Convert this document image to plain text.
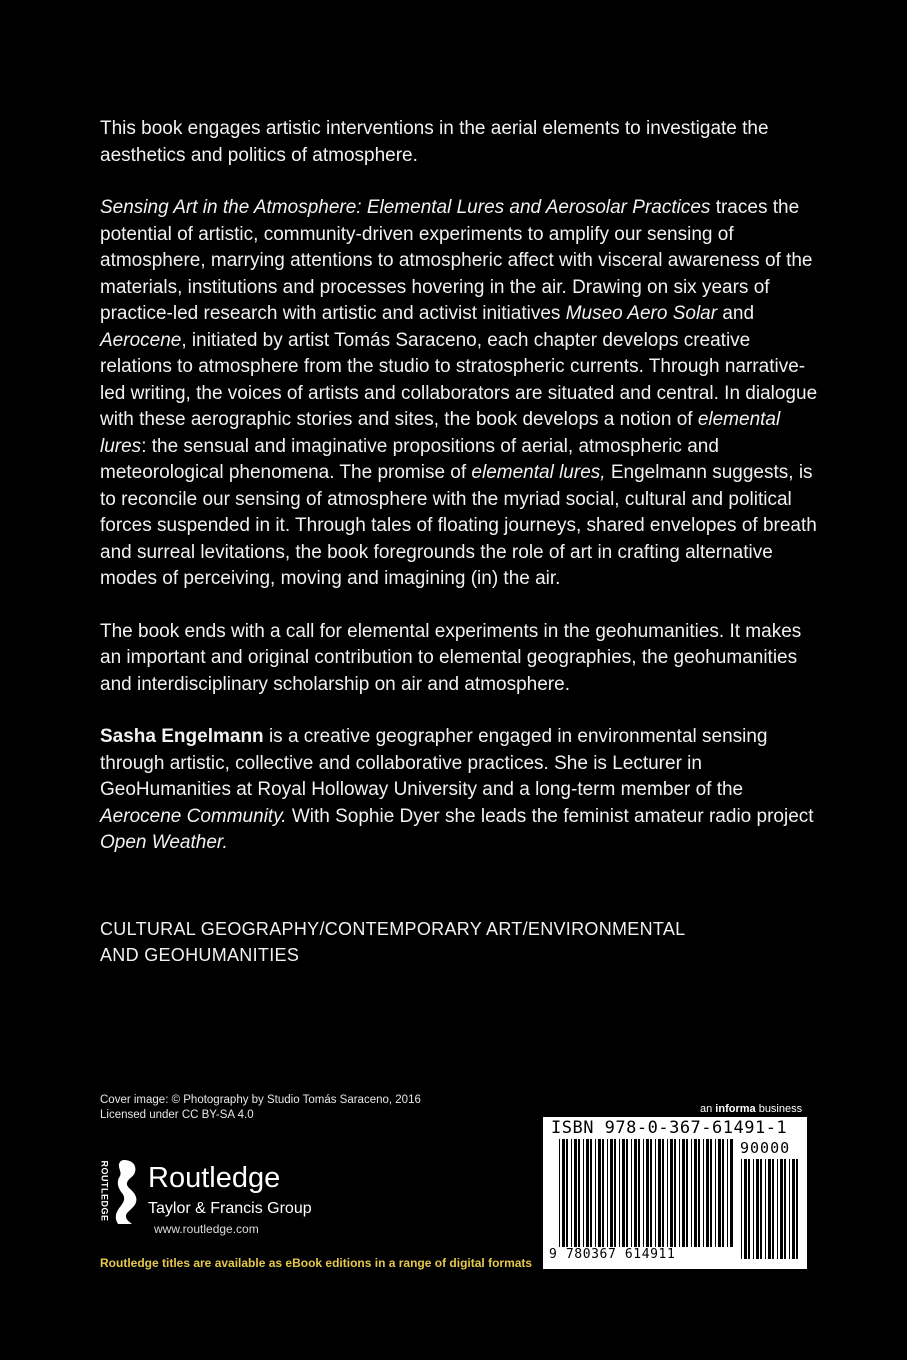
This book engages artistic interventions in the aerial elements to investigate the aesthetics and politics of atmosphere.

Sensing Art in the Atmosphere: Elemental Lures and Aerosolar Practices traces the potential of artistic, community-driven experiments to amplify our sensing of atmosphere, marrying attentions to atmospheric affect with visceral awareness of the materials, institutions and processes hovering in the air. Drawing on six years of practice-led research with artistic and activist initiatives Museo Aero Solar and Aerocene, initiated by artist Tomás Saraceno, each chapter develops creative relations to atmosphere from the studio to stratospheric currents. Through narrative-led writing, the voices of artists and collaborators are situated and central. In dialogue with these aerographic stories and sites, the book develops a notion of elemental lures: the sensual and imaginative propositions of aerial, atmospheric and meteorological phenomena. The promise of elemental lures, Engelmann suggests, is to reconcile our sensing of atmosphere with the myriad social, cultural and political forces suspended in it. Through tales of floating journeys, shared envelopes of breath and surreal levitations, the book foregrounds the role of art in crafting alternative modes of perceiving, moving and imagining (in) the air.

The book ends with a call for elemental experiments in the geohumanities. It makes an important and original contribution to elemental geographies, the geohumanities and interdisciplinary scholarship on air and atmosphere.

Sasha Engelmann is a creative geographer engaged in environmental sensing through artistic, collective and collaborative practices. She is Lecturer in GeoHumanities at Royal Holloway University and a long-term member of the Aerocene Community. With Sophie Dyer she leads the feminist amateur radio project Open Weather.

CULTURAL GEOGRAPHY/CONTEMPORARY ART/ENVIRONMENTAL
AND GEOHUMANITIES
Cover image: © Photography by Studio Tomás Saraceno, 2016
Licensed under CC BY-SA 4.0
ROUTLEDGE Routledge
Taylor & Francis Group
www.routledge.com
Routledge titles are available as eBook editions in a range of digital formats
an informa business
ISBN 978-0-367-61491-1
90000
9 780367 614911
